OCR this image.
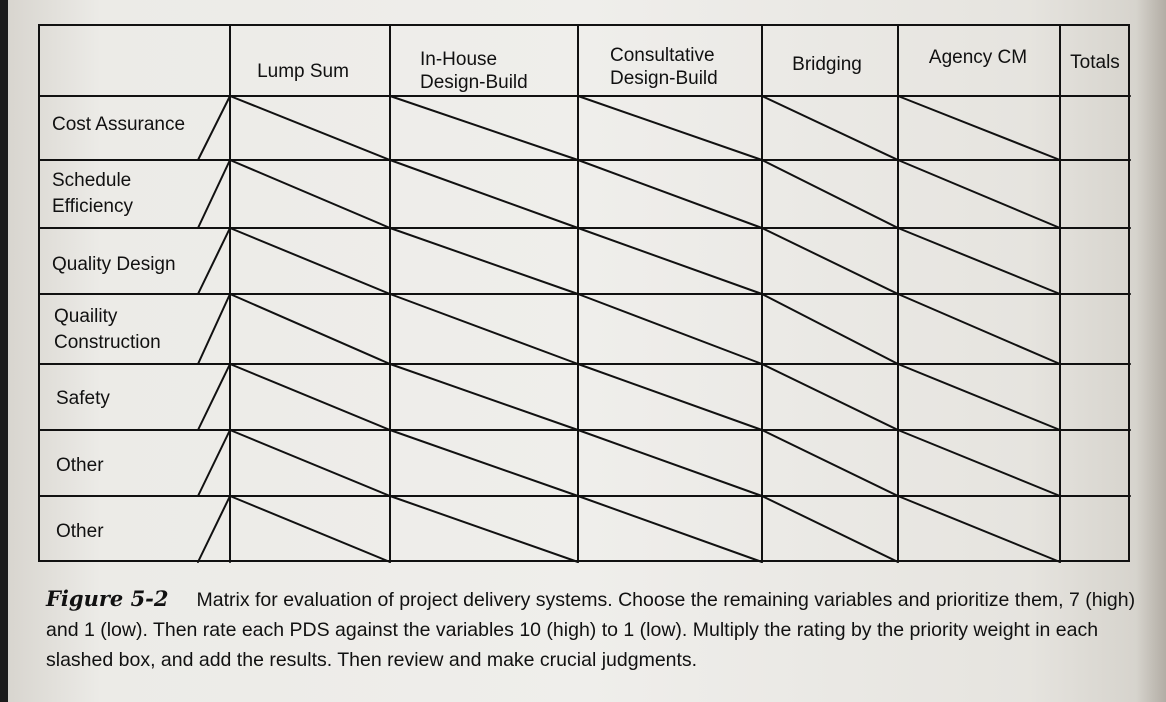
Lump Sum
In-House
Design-Build
Consultative
Design-Build
Bridging	Agency CM	Totals
Cost Assurance
Schedule
Efficiency
Quality Design
Quaility
Construction
Safety
Other
Other
Figure 5-2 Matrix for evaluation of project delivery systems. Choose the remaining variables and prioritize them, 7 (high) and 1 (low). Then rate each PDS against the variables 10 (high) to 1 (low). Multiply the rating by the priority weight in each slashed box, and add the results. Then review and make crucial judgments.
